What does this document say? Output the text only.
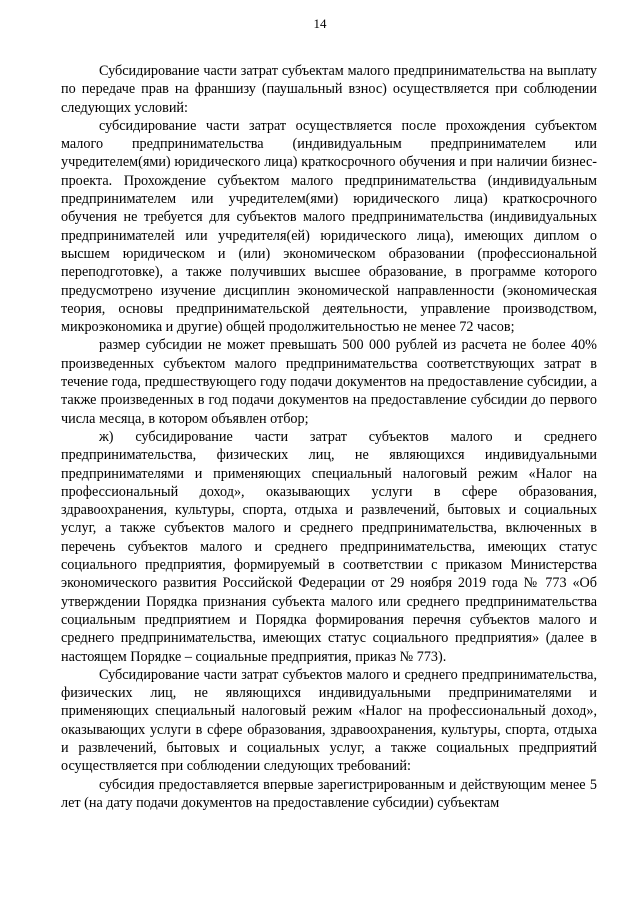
14

Субсидирование части затрат субъектам малого предпринимательства на выплату по передаче прав на франшизу (паушальный взнос) осуществляется при соблюдении следующих условий:

субсидирование части затрат осуществляется после прохождения субъектом малого предпринимательства (индивидуальным предпринимателем или учредителем(ями) юридического лица) краткосрочного обучения и при наличии бизнес-проекта. Прохождение субъектом малого предпринимательства (индивидуальным предпринимателем или учредителем(ями) юридического лица) краткосрочного обучения не требуется для субъектов малого предпринимательства (индивидуальных предпринимателей или учредителя(ей) юридического лица), имеющих диплом о высшем юридическом и (или) экономическом образовании (профессиональной переподготовке), а также получивших высшее образование, в программе которого предусмотрено изучение дисциплин экономической направленности (экономическая теория, основы предпринимательской деятельности, управление производством, микроэкономика и другие) общей продолжительностью не менее 72 часов;

размер субсидии не может превышать 500 000 рублей из расчета не более 40% произведенных субъектом малого предпринимательства соответствующих затрат в течение года, предшествующего году подачи документов на предоставление субсидии, а также произведенных в год подачи документов на предоставление субсидии до первого числа месяца, в котором объявлен отбор;

ж) субсидирование части затрат субъектов малого и среднего предпринимательства, физических лиц, не являющихся индивидуальными предпринимателями и применяющих специальный налоговый режим «Налог на профессиональный доход», оказывающих услуги в сфере образования, здравоохранения, культуры, спорта, отдыха и развлечений, бытовых и социальных услуг, а также субъектов малого и среднего предпринимательства, включенных в перечень субъектов малого и среднего предпринимательства, имеющих статус социального предприятия, формируемый в соответствии с приказом Министерства экономического развития Российской Федерации от 29 ноября 2019 года № 773 «Об утверждении Порядка признания субъекта малого или среднего предпринимательства социальным предприятием и Порядка формирования перечня субъектов малого и среднего предпринимательства, имеющих статус социального предприятия» (далее в настоящем Порядке – социальные предприятия, приказ № 773).

Субсидирование части затрат субъектов малого и среднего предпринимательства, физических лиц, не являющихся индивидуальными предпринимателями и применяющих специальный налоговый режим «Налог на профессиональный доход», оказывающих услуги в сфере образования, здравоохранения, культуры, спорта, отдыха и развлечений, бытовых и социальных услуг, а также социальных предприятий осуществляется при соблюдении следующих требований:

субсидия предоставляется впервые зарегистрированным и действующим менее 5 лет (на дату подачи документов на предоставление субсидии) субъектам
